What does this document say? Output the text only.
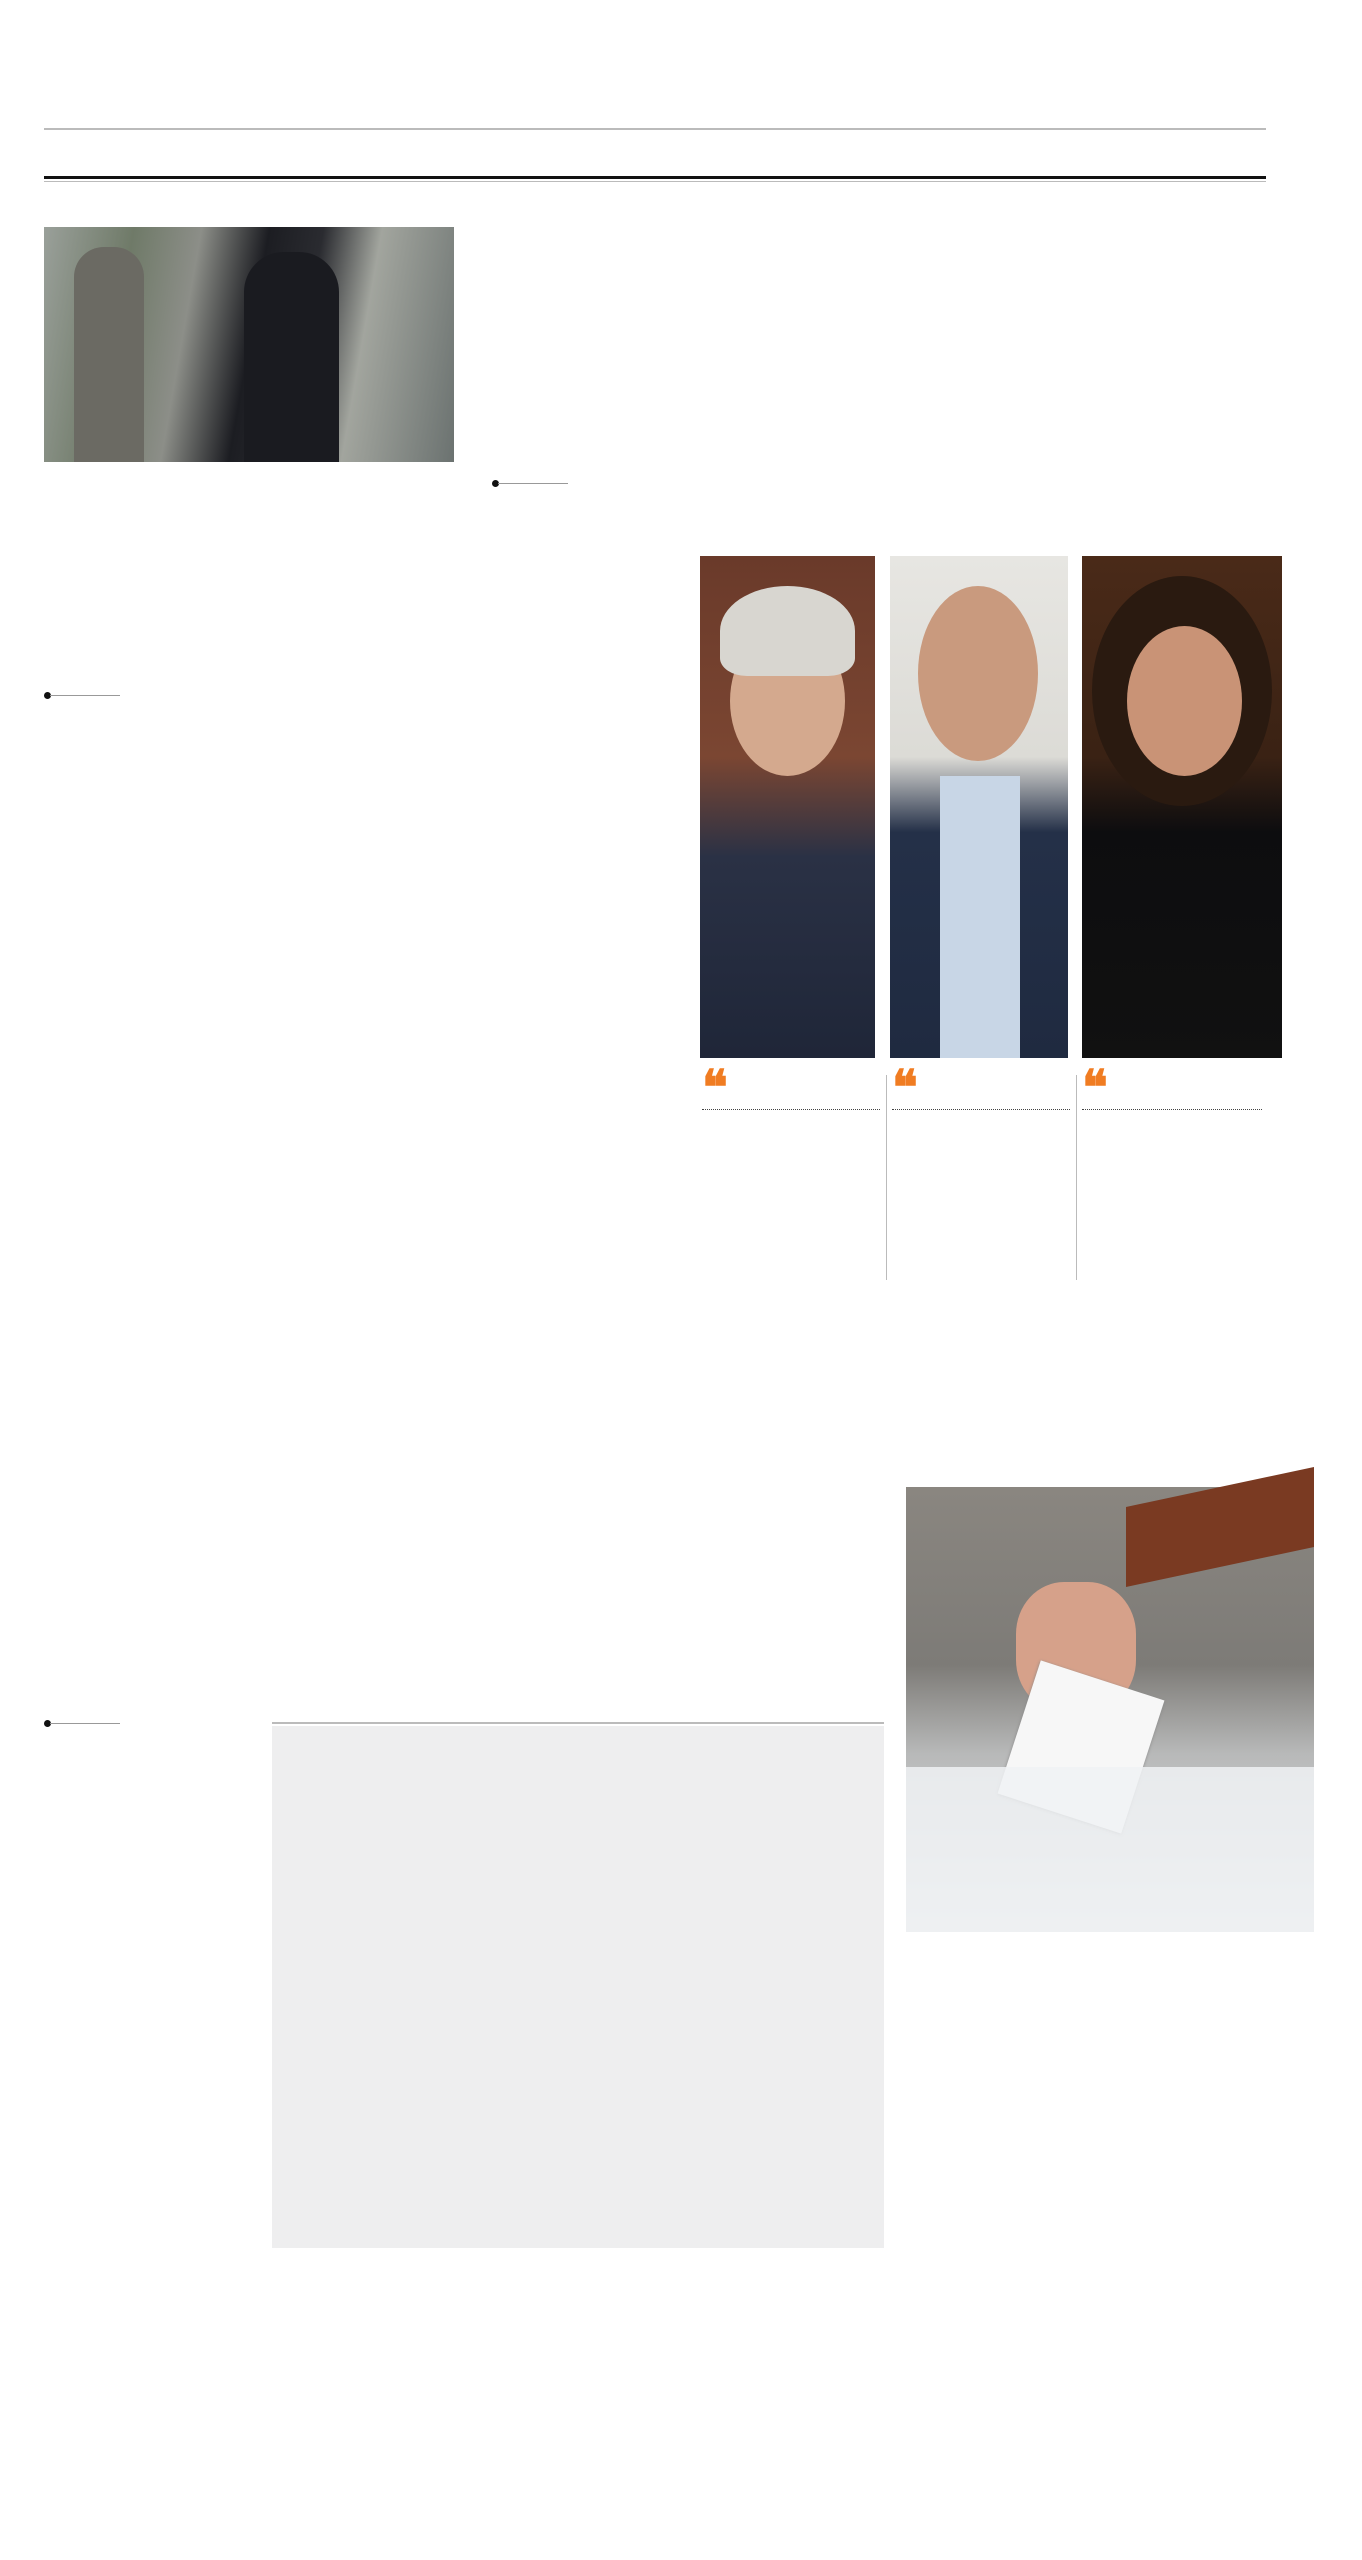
❝	❝	❝
